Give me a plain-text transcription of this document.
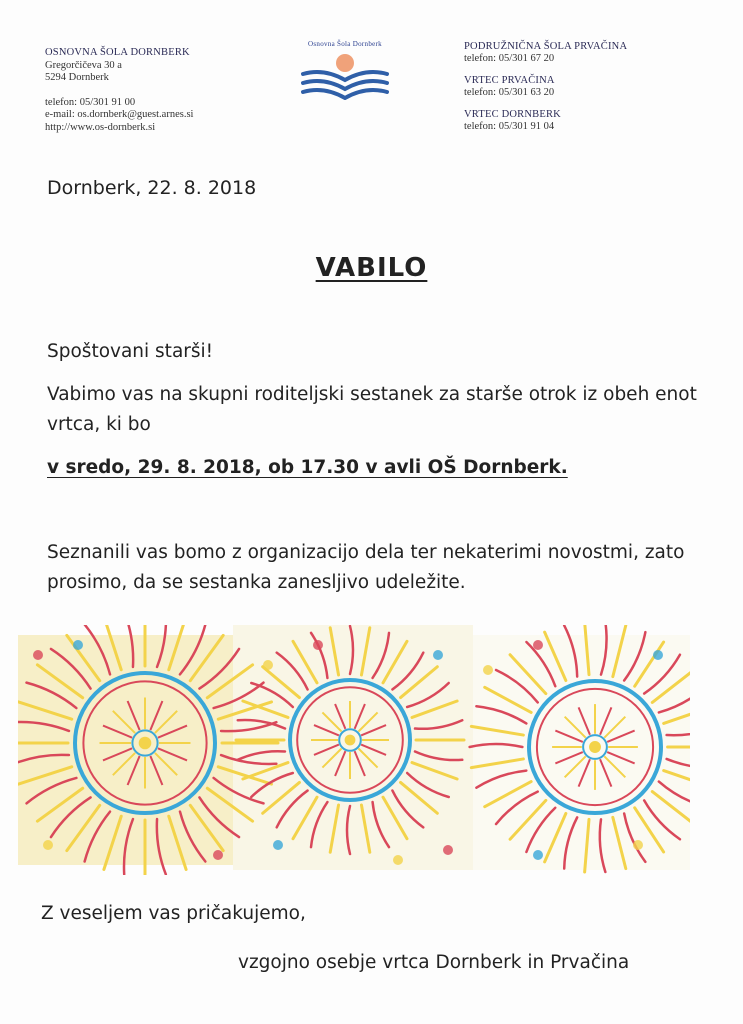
OSNOVNA ŠOLA DORNBERK
Gregorčičeva 30 a
5294 Dornberk
telefon: 05/301 91 00
e-mail: os.dornberk@guest.arnes.si
http://www.os-dornberk.si
Osnovna Šola Dornberk	PODRUŽNIČNA ŠOLA PRVAČINA
telefon: 05/301 67 20
VRTEC PRVAČINA
telefon: 05/301 63 20
VRTEC DORNBERK
telefon: 05/301 91 04
Dornberk, 22. 8. 2018
VABILO
Spoštovani starši!
Vabimo vas na skupni roditeljski sestanek za starše otrok iz obeh enot vrtca, ki bo
v sredo, 29. 8. 2018, ob 17.30 v avli OŠ Dornberk.
Seznanili vas bomo z organizacijo dela ter nekaterimi novostmi, zato prosimo, da se sestanka zanesljivo udeležite.
Z veseljem vas pričakujemo,
vzgojno osebje vrtca Dornberk in Prvačina
